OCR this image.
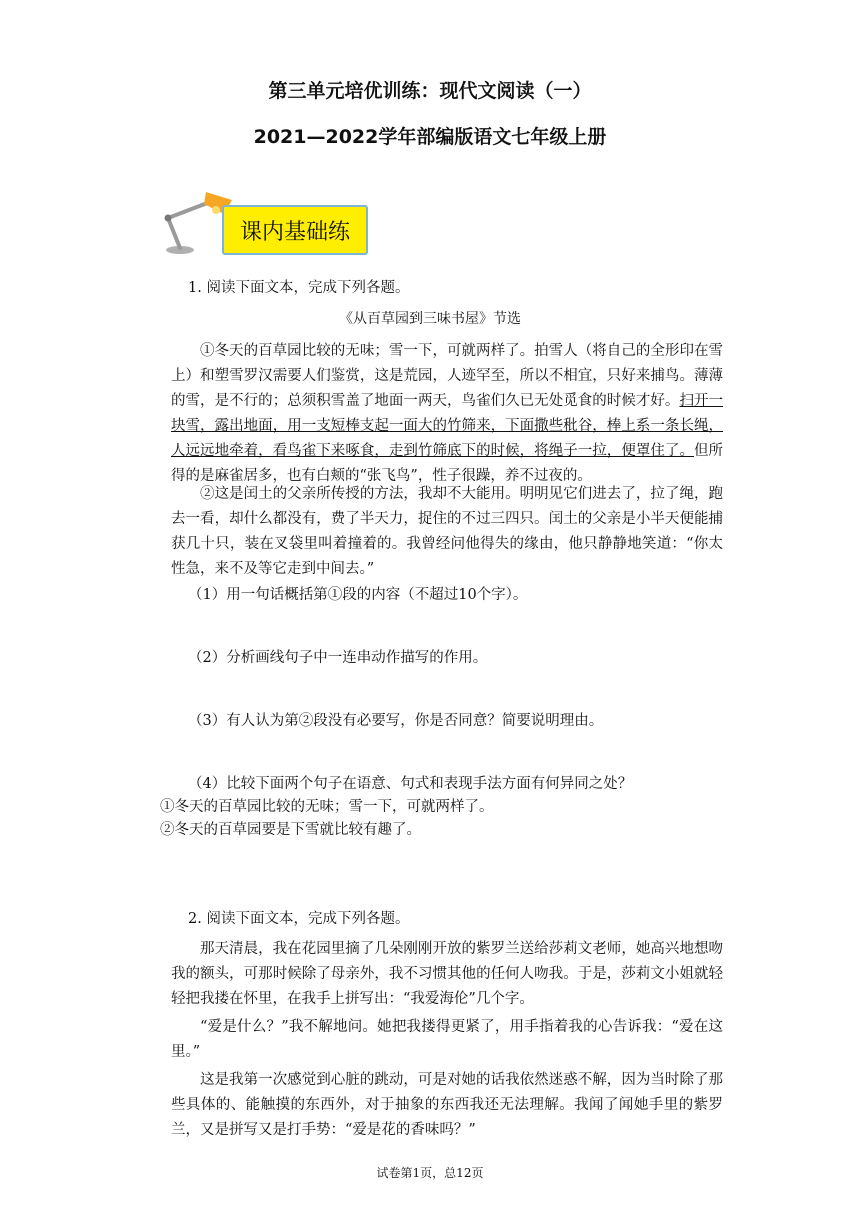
第三单元培优训练：现代文阅读（一）
2021—2022学年部编版语文七年级上册
课内基础练
1. 阅读下面文本，完成下列各题。
《从百草园到三味书屋》节选
①冬天的百草园比较的无味；雪一下，可就两样了。拍雪人（将自己的全形印在雪上）和塑雪罗汉需要人们鉴赏，这是荒园，人迹罕至，所以不相宜，只好来捕鸟。薄薄的雪，是不行的；总须积雪盖了地面一两天，鸟雀们久已无处觅食的时候才好。扫开一块雪，露出地面，用一支短棒支起一面大的竹筛来，下面撒些秕谷，棒上系一条长绳，人远远地牵着，看鸟雀下来啄食，走到竹筛底下的时候，将绳子一拉，便罩住了。但所得的是麻雀居多，也有白颊的“张飞鸟”，性子很躁，养不过夜的。
②这是闰土的父亲所传授的方法，我却不大能用。明明见它们进去了，拉了绳，跑去一看，却什么都没有，费了半天力，捉住的不过三四只。闰土的父亲是小半天便能捕获几十只，装在叉袋里叫着撞着的。我曾经问他得失的缘由，他只静静地笑道：“你太性急，来不及等它走到中间去。”
（1）用一句话概括第①段的内容（不超过10个字）。
（2）分析画线句子中一连串动作描写的作用。
（3）有人认为第②段没有必要写，你是否同意？简要说明理由。
（4）比较下面两个句子在语意、句式和表现手法方面有何异同之处？
①冬天的百草园比较的无味；雪一下，可就两样了。
②冬天的百草园要是下雪就比较有趣了。
2. 阅读下面文本，完成下列各题。
那天清晨，我在花园里摘了几朵刚刚开放的紫罗兰送给莎莉文老师，她高兴地想吻我的额头，可那时候除了母亲外，我不习惯其他的任何人吻我。于是，莎莉文小姐就轻轻把我搂在怀里，在我手上拼写出：“我爱海伦”几个字。
“爱是什么？”我不解地问。她把我搂得更紧了，用手指着我的心告诉我：“爱在这里。”
这是我第一次感觉到心脏的跳动，可是对她的话我依然迷惑不解，因为当时除了那些具体的、能触摸的东西外，对于抽象的东西我还无法理解。我闻了闻她手里的紫罗兰，又是拼写又是打手势：“爱是花的香味吗？”
试卷第1页，总12页
